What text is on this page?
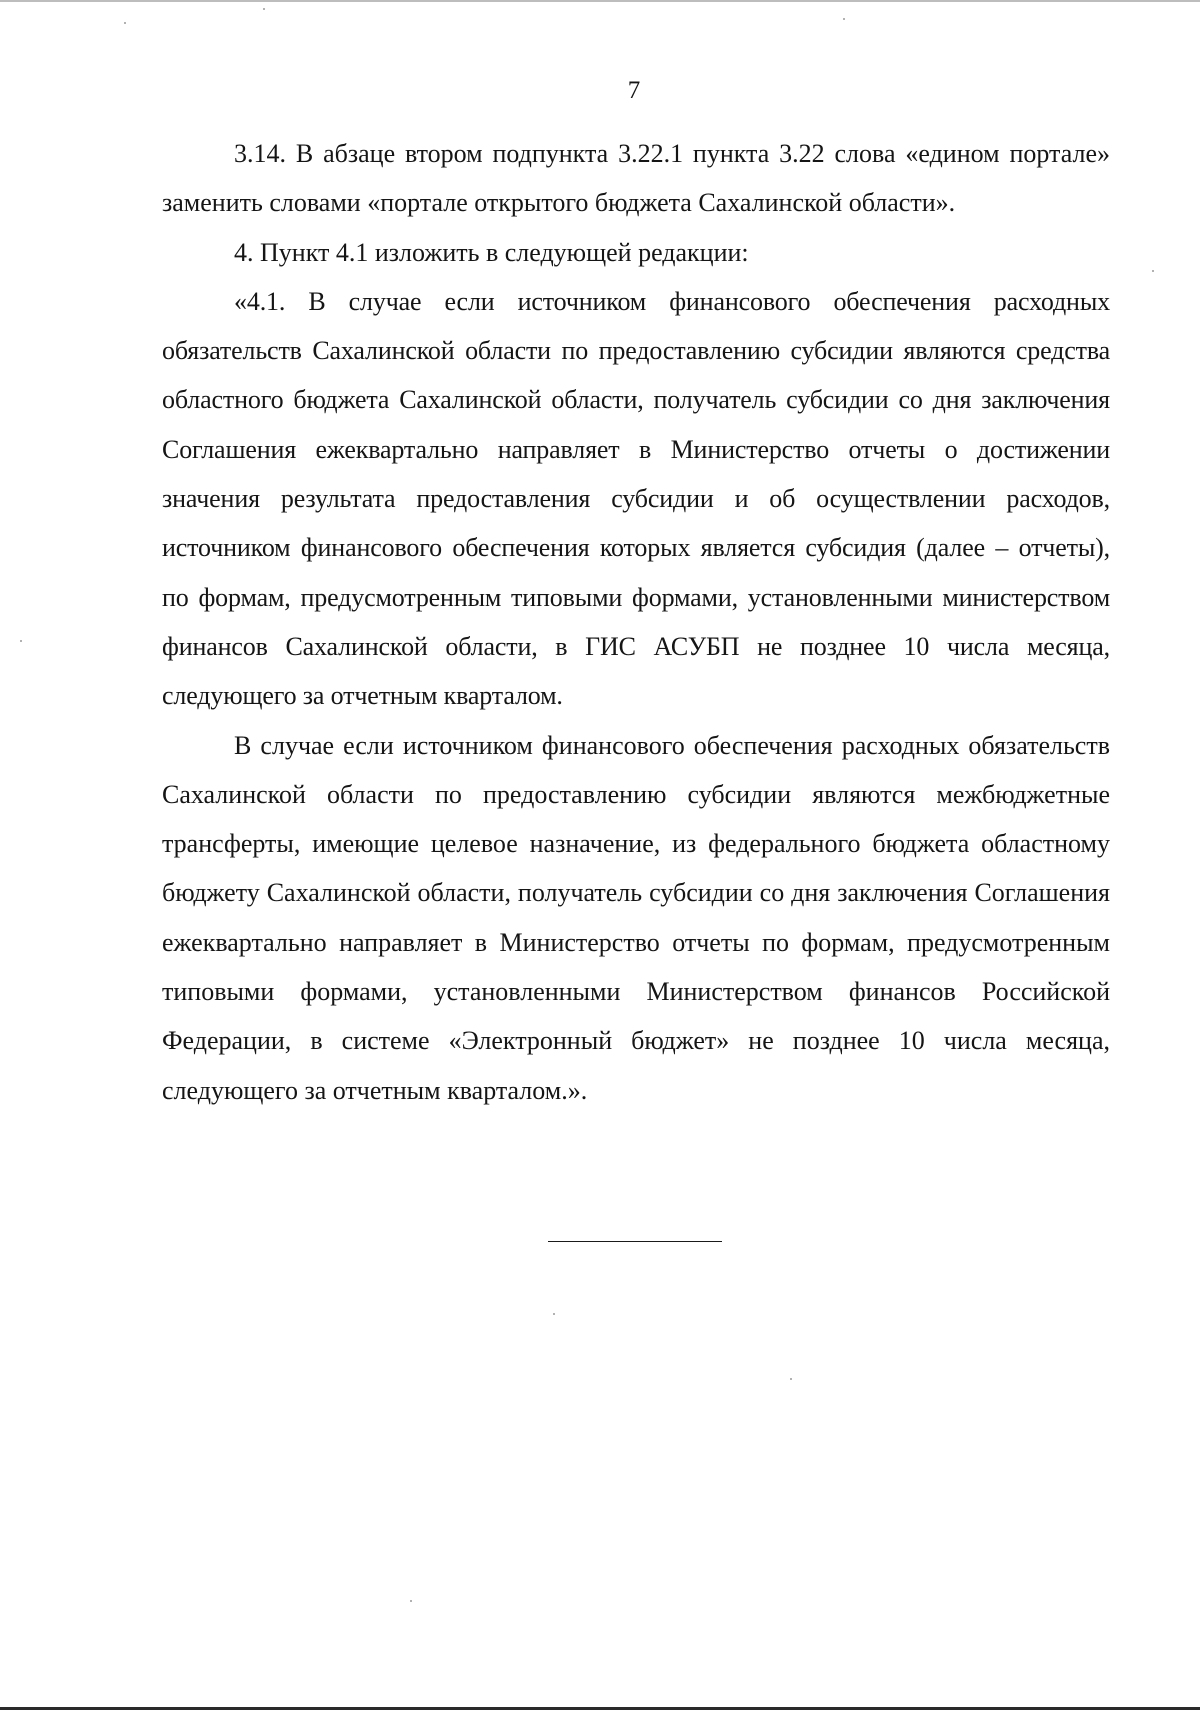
7

3.14. В абзаце втором подпункта 3.22.1 пункта 3.22 слова «едином портале» заменить словами «портале открытого бюджета Сахалинской области».

4. Пункт 4.1 изложить в следующей редакции:

«4.1. В случае если источником финансового обеспечения расходных обязательств Сахалинской области по предоставлению субсидии являются средства областного бюджета Сахалинской области, получатель субсидии со дня заключения Соглашения ежеквартально направляет в Министерство отчеты о достижении значения результата предоставления субсидии и об осуществлении расходов, источником финансового обеспечения которых является субсидия (далее – отчеты), по формам, предусмотренным типовыми формами, установленными министерством финансов Сахалинской области, в ГИС АСУБП не позднее 10 числа месяца, следующего за отчетным кварталом.

В случае если источником финансового обеспечения расходных обязательств Сахалинской области по предоставлению субсидии являются межбюджетные трансферты, имеющие целевое назначение, из федерального бюджета областному бюджету Сахалинской области, получатель субсидии со дня заключения Соглашения ежеквартально направляет в Министерство отчеты по формам, предусмотренным типовыми формами, установленными Министерством финансов Российской Федерации, в системе «Электронный бюджет» не позднее 10 числа месяца, следующего за отчетным кварталом.».
